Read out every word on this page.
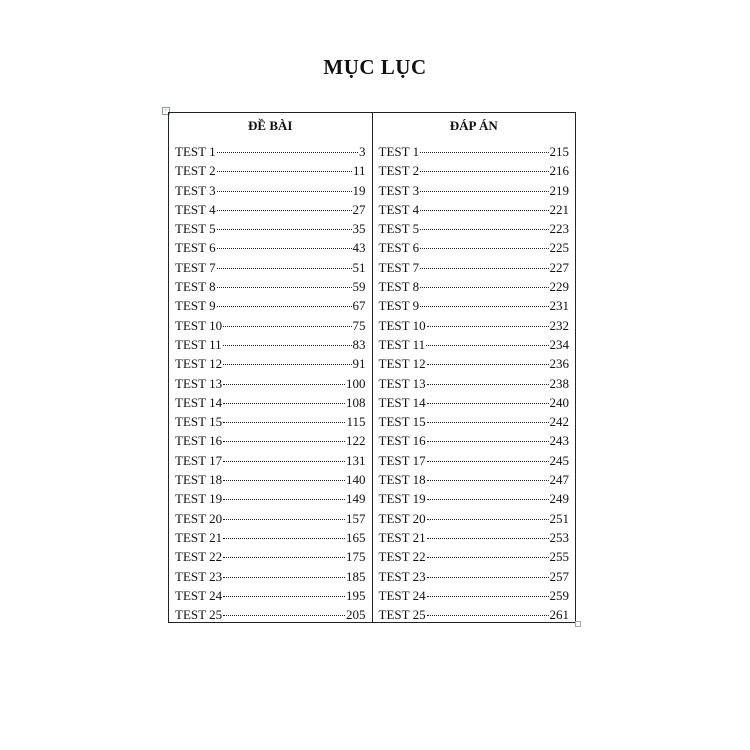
MỤC LỤC
+
ĐỀ BÀI
TEST 1	3
TEST 2	11
TEST 3	19
TEST 4	27
TEST 5	35
TEST 6	43
TEST 7	51
TEST 8	59
TEST 9	67
TEST 10	75
TEST 11	83
TEST 12	91
TEST 13	100
TEST 14	108
TEST 15	115
TEST 16	122
TEST 17	131
TEST 18	140
TEST 19	149
TEST 20	157
TEST 21	165
TEST 22	175
TEST 23	185
TEST 24	195
TEST 25	205
ĐÁP ÁN
TEST 1	215
TEST 2	216
TEST 3	219
TEST 4	221
TEST 5	223
TEST 6	225
TEST 7	227
TEST 8	229
TEST 9	231
TEST 10	232
TEST 11	234
TEST 12	236
TEST 13	238
TEST 14	240
TEST 15	242
TEST 16	243
TEST 17	245
TEST 18	247
TEST 19	249
TEST 20	251
TEST 21	253
TEST 22	255
TEST 23	257
TEST 24	259
TEST 25	261
